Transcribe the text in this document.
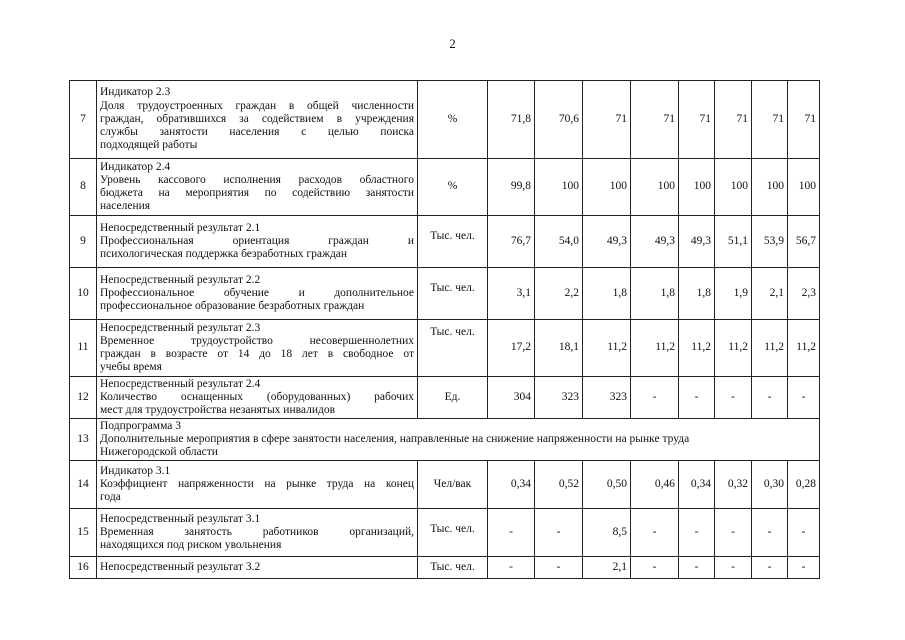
2
7	Индикатор 2.3
Доля трудоустроенных граждан в общей численности
граждан, обратившихся за содействием в учреждения
службы занятости населения с целью поиска
подходящей работы	%	71,8	70,6	71	71	71	71	71	71
8	Индикатор 2.4
Уровень кассового исполнения расходов областного
бюджета на мероприятия по содействию занятости
населения	%	99,8	100	100	100	100	100	100	100
9	Непосредственный результат 2.1
Профессиональная ориентация граждан и
психологическая поддержка безработных граждан	Тыс. чел.	76,7	54,0	49,3	49,3	49,3	51,1	53,9	56,7
10	Непосредственный результат 2.2
Профессиональное обучение и дополнительное
профессиональное образование безработных граждан	Тыс. чел.	3,1	2,2	1,8	1,8	1,8	1,9	2,1	2,3
11	Непосредственный результат 2.3
Временное трудоустройство несовершеннолетних
граждан в возрасте от 14 до 18 лет в свободное от
учебы время	Тыс. чел.	17,2	18,1	11,2	11,2	11,2	11,2	11,2	11,2
12	Непосредственный результат 2.4
Количество оснащенных (оборудованных) рабочих
мест для трудоустройства незанятых инвалидов	Ед.	304	323	323	-	-	-	-	-
13	Подпрограмма 3
Дополнительные мероприятия в сфере занятости населения, направленные на снижение напряженности на рынке труда
Нижегородской области									

14	Индикатор 3.1
Коэффициент напряженности на рынке труда на конец
года	Чел/вак	0,34	0,52	0,50	0,46	0,34	0,32	0,30	0,28
15	Непосредственный результат 3.1
Временная занятость работников организаций,
находящихся под риском увольнения	Тыс. чел.	-	-	8,5	-	-	-	-	-
16	Непосредственный результат 3.2	Тыс. чел.	-	-	2,1	-	-	-	-	-
